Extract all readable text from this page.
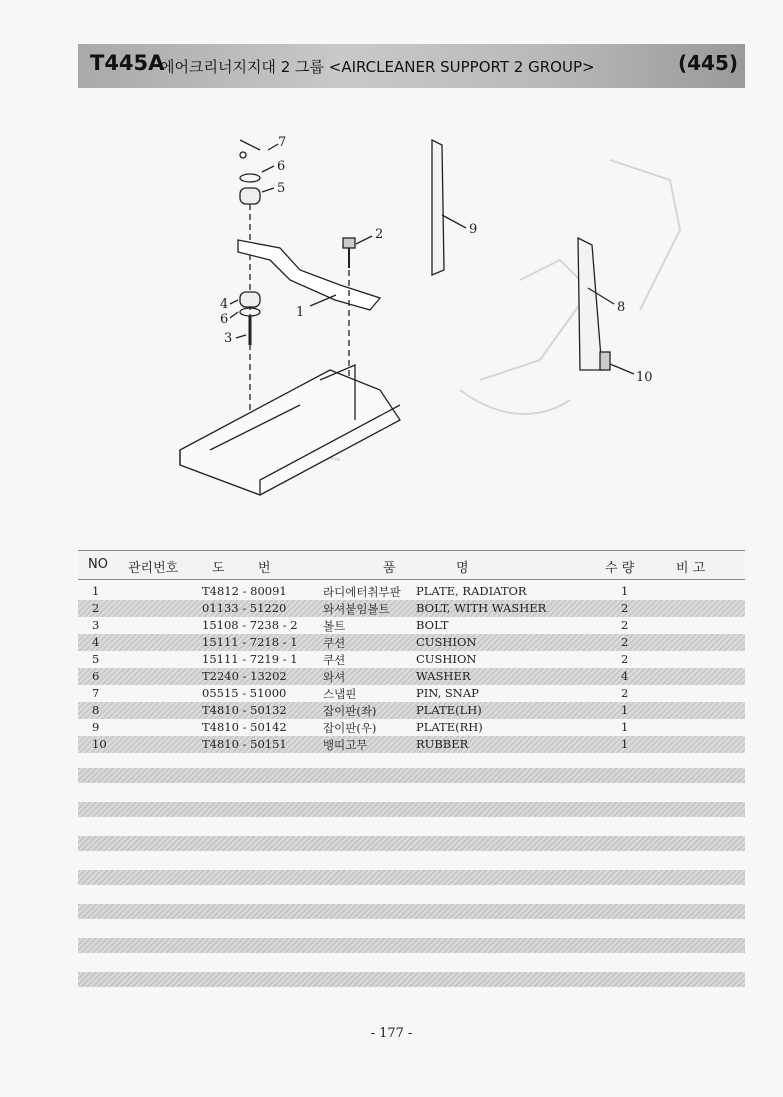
T445A
에어크리너지지대 2 그룹 <AIRCLEANER SUPPORT 2 GROUP>	(445)
7
6
5
2	9
4
6
3
1	8
10
NO 관리번호	도	번	품	명	수 량	비 고
1	T4812 - 80091	라디에터취부판 PLATE, RADIATOR	1
2	01133 - 51220	와셔붙임볼트 BOLT, WITH WASHER	2
3	15108 - 7238 - 2 볼트	BOLT	2
4	15111 - 7218 - 1 쿠션	CUSHION	2
5	15111 - 7219 - 1 쿠션	CUSHION	2
6	T2240 - 13202	와셔	WASHER	4
7	05515 - 51000	스냅핀	PIN, SNAP	2
8	T4810 - 50132	잡이판(좌)	PLATE(LH)	1
9	T4810 - 50142	잡이판(우)	PLATE(RH)	1
10	T4810 - 50151	뱅띠고무	RUBBER	1
- 177 -
